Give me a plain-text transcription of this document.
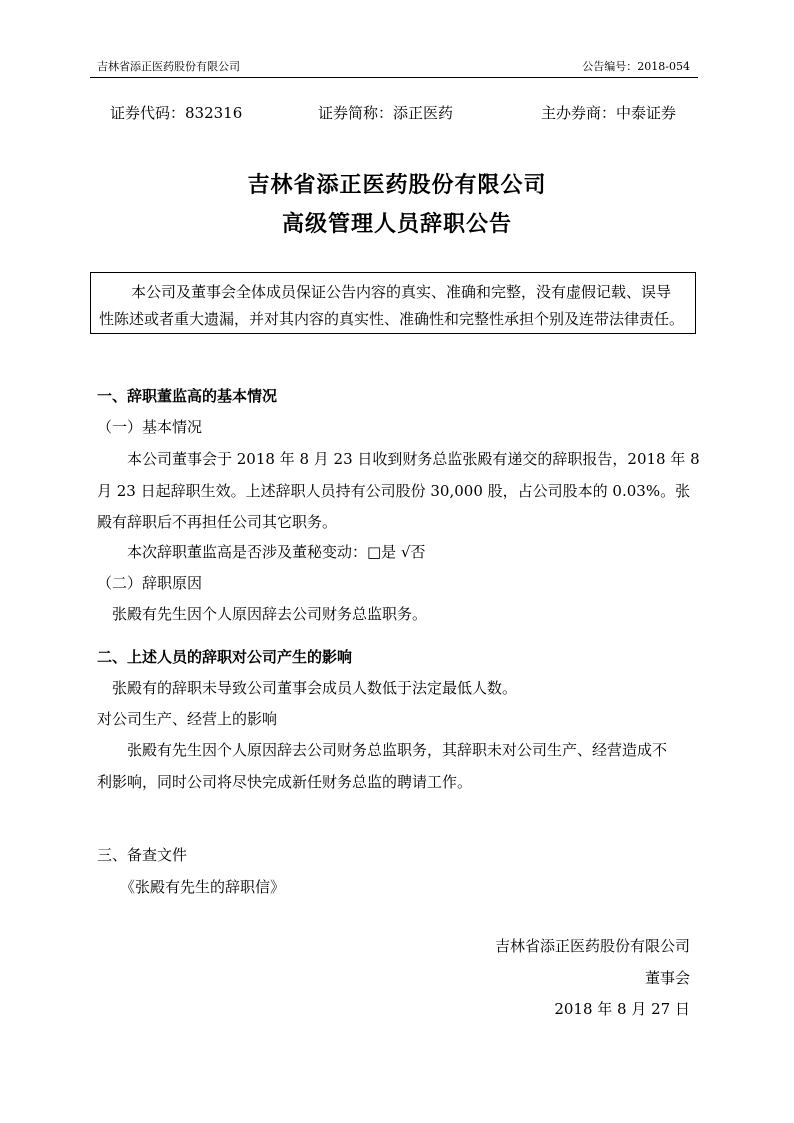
吉林省添正医药股份有限公司	公告编号：2018-054
证券代码：832316	证券简称：添正医药	主办券商：中泰证券
吉林省添正医药股份有限公司
高级管理人员辞职公告
本公司及董事会全体成员保证公告内容的真实、准确和完整，没有虚假记载、误导
性陈述或者重大遗漏，并对其内容的真实性、准确性和完整性承担个别及连带法律责任。
一、辞职董监高的基本情况
（一）基本情况
本公司董事会于 2018 年 8 月 23 日收到财务总监张殿有递交的辞职报告，2018 年 8
月 23 日起辞职生效。上述辞职人员持有公司股份 30,000 股，占公司股本的 0.03%。张
殿有辞职后不再担任公司其它职务。
本次辞职董监高是否涉及董秘变动：□是 √否
（二）辞职原因
张殿有先生因个人原因辞去公司财务总监职务。
二、上述人员的辞职对公司产生的影响
张殿有的辞职未导致公司董事会成员人数低于法定最低人数。
对公司生产、经营上的影响
张殿有先生因个人原因辞去公司财务总监职务，其辞职未对公司生产、经营造成不
利影响，同时公司将尽快完成新任财务总监的聘请工作。
三、备查文件
《张殿有先生的辞职信》
吉林省添正医药股份有限公司
董事会
2018 年 8 月 27 日
